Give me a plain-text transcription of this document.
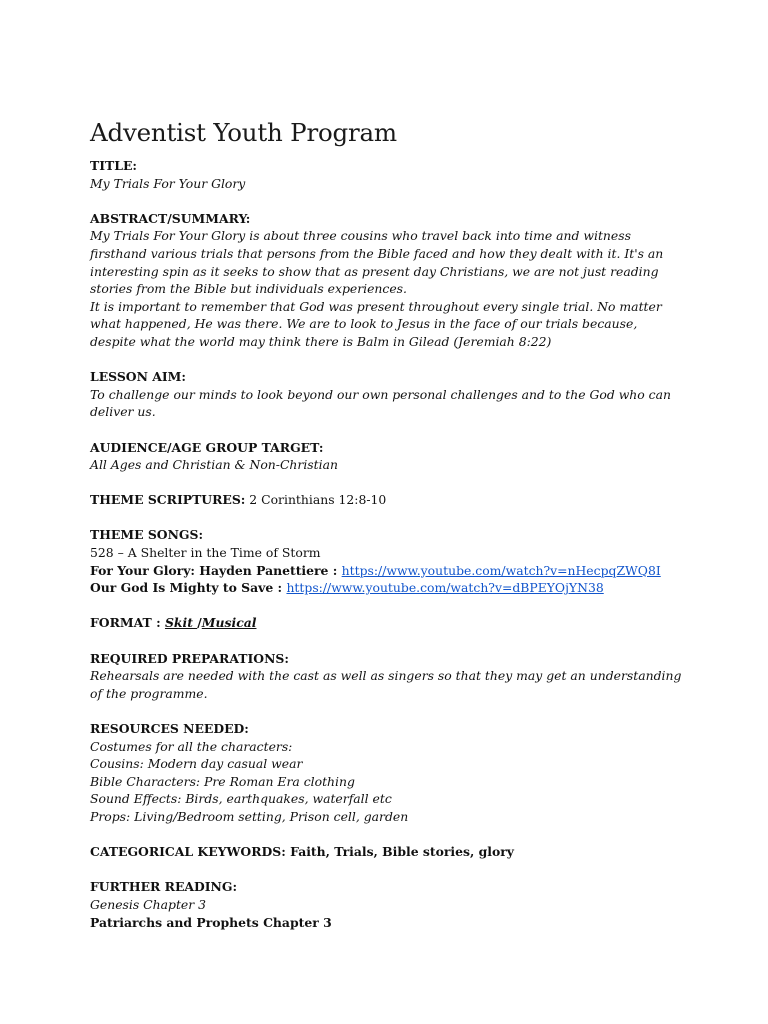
Adventist Youth Program
TITLE:
My Trials For Your Glory
ABSTRACT/SUMMARY:

My Trials For Your Glory is about three cousins who travel back into time and witness firsthand various trials that persons from the Bible faced and how they dealt with it. It's an interesting spin as it seeks to show that as present day Christians, we are not just reading stories from the Bible but individuals experiences.

It is important to remember that God was present throughout every single trial. No matter what happened, He was there. We are to look to Jesus in the face of our trials because, despite what the world may think there is Balm in Gilead (Jeremiah 8:22)

LESSON AIM:

To challenge our minds to look beyond our own personal challenges and to the God who can deliver us.

AUDIENCE/AGE GROUP TARGET:
All Ages and Christian & Non-Christian
THEME SCRIPTURES: 2 Corinthians 12:8-10
THEME SONGS:
528 – A Shelter in the Time of Storm
For Your Glory: Hayden Panettiere : https://www.youtube.com/watch?v=nHecpqZWQ8I
Our God Is Mighty to Save : https://www.youtube.com/watch?v=dBPEYOjYN38
FORMAT : Skit /Musical
REQUIRED PREPARATIONS:

Rehearsals are needed with the cast as well as singers so that they may get an understanding of the programme.

RESOURCES NEEDED:
Costumes for all the characters:
Cousins: Modern day casual wear
Bible Characters: Pre Roman Era clothing
Sound Effects: Birds, earthquakes, waterfall etc
Props: Living/Bedroom setting, Prison cell, garden
CATEGORICAL KEYWORDS: Faith, Trials, Bible stories, glory
FURTHER READING:
Genesis Chapter 3
Patriarchs and Prophets Chapter 3
